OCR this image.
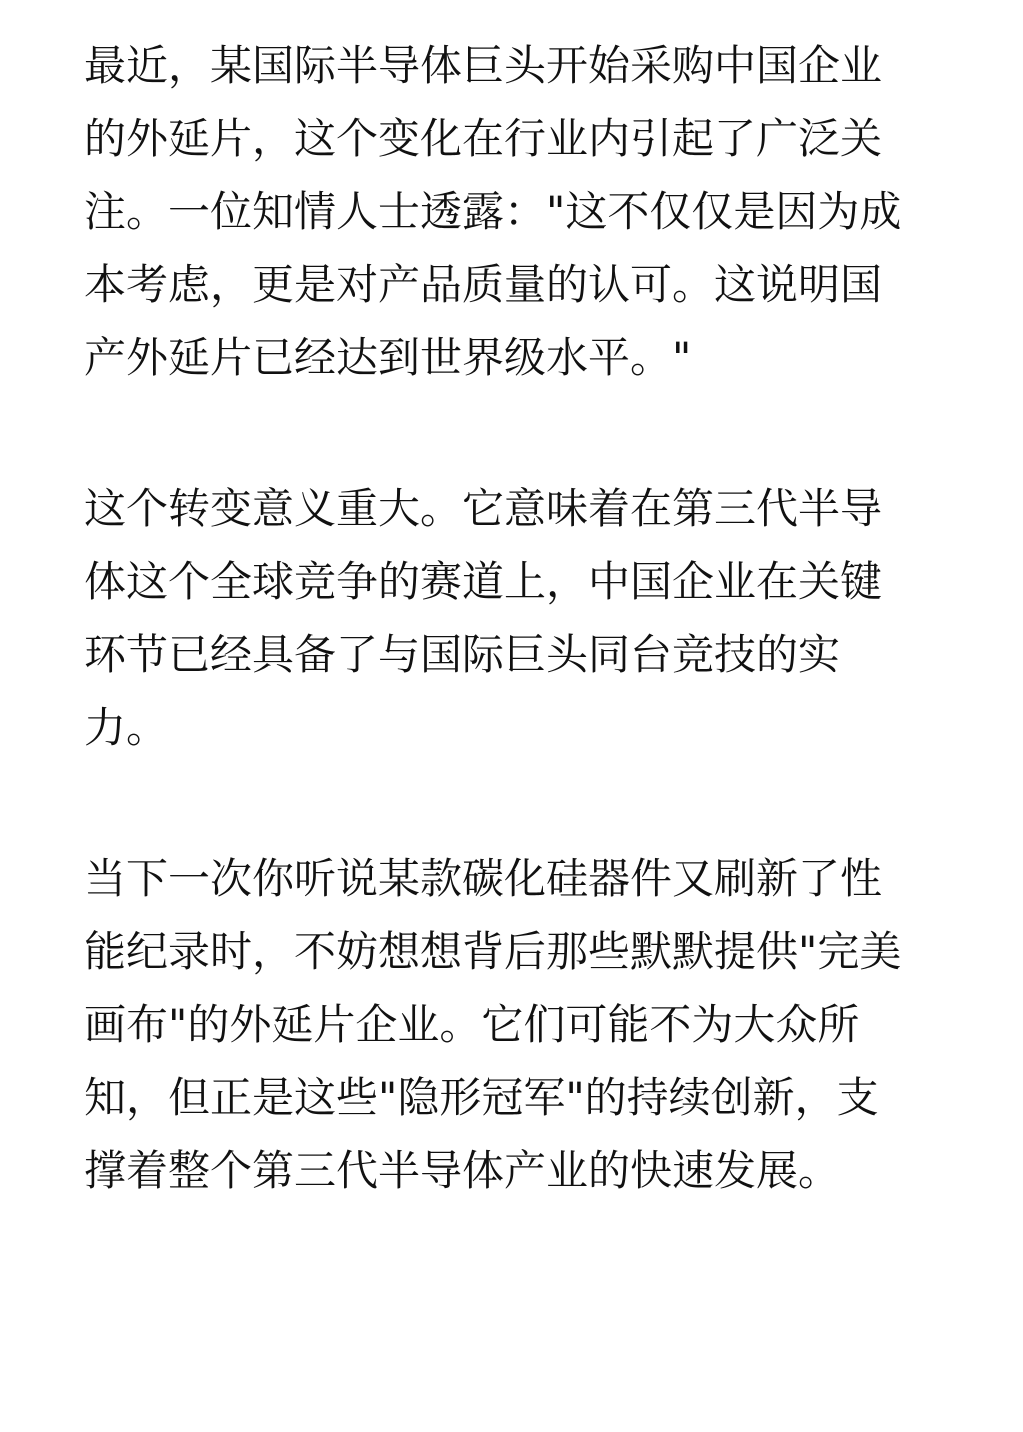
最近，某国际半导体巨头开始采购中国企业
的外延片，这个变化在行业内引起了广泛关
注。一位知情人士透露："这不仅仅是因为成
本考虑，更是对产品质量的认可。这说明国
产外延片已经达到世界级水平。"

这个转变意义重大。它意味着在第三代半导
体这个全球竞争的赛道上，中国企业在关键
环节已经具备了与国际巨头同台竞技的实
力。

当下一次你听说某款碳化硅器件又刷新了性
能纪录时，不妨想想背后那些默默提供"完美
画布"的外延片企业。它们可能不为大众所
知，但正是这些"隐形冠军"的持续创新，支
撑着整个第三代半导体产业的快速发展。
